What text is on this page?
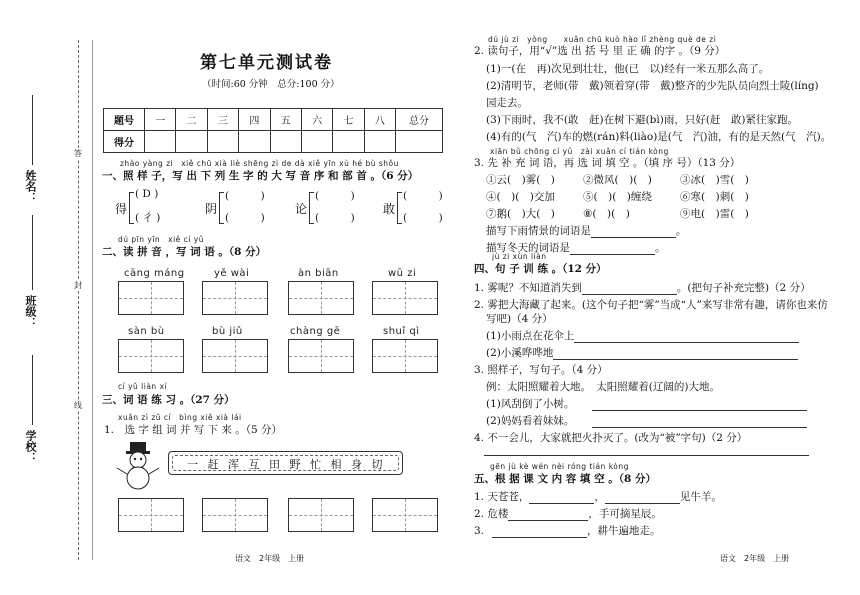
姓名：
班级：
学校：
答
封
线
第七单元测试卷
（时间:60 分钟　总分:100 分）
题号	一	二	三	四	五	六	七	八	总分
得分									
zhào yàng zi　xiě chū xià liè shēng zì de dà xiě yīn xù hé bù shǒu
一、照 样 子，写 出 下 列 生 字 的 大 写 音 序 和 部 首 。（6 分）
得
( D )
( 彳 )
阴
(　　　)
(　　　)
论
(　　　)
(　　　)
敢
(　　　)
(　　　)
dú pīn yīn　xiě cí yǔ
二、读 拼 音 ，写 词 语 。（8 分）
cāng máng	yě wài	àn biān	wū zi
sàn bù	bù jiǔ	chàng gē	shuǐ qì
cí yǔ liàn xí
三、词 语 练 习 。（27 分）
xuǎn zì zǔ cí　bìng xiě xià lái
1.　选 字 组 词 并 写 下 来 。（5 分）
一 赶 浑 互 田 野 忙 相 身 切
语文　2年级　上册
dú jù zi　yòng　　xuǎn chū kuò hào lǐ zhèng què de zì
2. 读句子，用“√”选 出 括 号 里 正 确 的字 。（9 分）
(1)一(在　再)次见到壮壮，他(已　以)经有一米五那么高了。
(2)清明节，老师(带　戴)领着穿(带　戴)整齐的少先队员向烈士陵(líng)
园走去。
(3)下雨时，我不(敢　赶)在树下避(bì)雨，只好(赶　敢)紧往家跑。
(4)有的(气　汽)车的燃(rán)料(liào)是(气　汽)油，有的是天然(气　汽)。
xiān bǔ chōng cí yǔ　zài xuǎn cí tián kòng
3. 先 补 充 词 语，再 选 词 填 空 。（填 序 号）（13 分）
①云(　)雾(　)	②微风(　)(　)	③冰(　)雪(　)
④(　)(　)交加	⑤(　)(　)缠绕	⑥寒(　)刺(　)
⑦鹅(　)大(　)	⑧(　)(　)	⑨电(　)雷(　)
描写下雨情景的词语是	。
描写冬天的词语是	。
jù zi xùn liàn
四、句 子 训 练 。（12 分）
1. 雾呢？不知道消失到	。(把句子补充完整)（2 分）
2. 雾把大海藏了起来。(这个句子把“雾”当成“人”来写非常有趣，请你也来仿
写吧)（4 分）
(1)小雨点在花伞上
(2)小溪哗哗地
3. 照样子，写句子。（4 分）
例：太阳照耀着大地。　太阳照耀着(辽阔的)大地。
(1)风刮倒了小树。
(2)妈妈看着妹妹。
4. 不一会儿，大家就把火扑灭了。(改为“被”字句)（2 分）
gēn jù kè wén nèi róng tián kòng
五、根 据 课 文 内 容 填 空 。（8 分）
1. 天苍苍，	，	见牛羊。
2. 危楼	，手可摘星辰。
3.	，耕牛遍地走。
语文　2年级　上册
